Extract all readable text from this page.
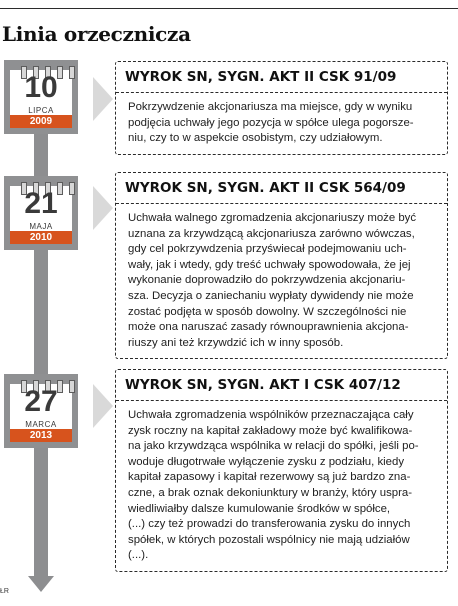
Linia orzecznicza
10
LIPCA
2009
WYROK SN, SYGN. AKT II CSK 91/09
Pokrzywdzenie akcjonariusza ma miejsce, gdy w wyniku
podjęcia uchwały jego pozycja w spółce ulega pogorsze-
niu, czy to w aspekcie osobistym, czy udziałowym.
21
MAJA
2010
WYROK SN, SYGN. AKT II CSK 564/09
Uchwała walnego zgromadzenia akcjonariuszy może być
uznana za krzywdzącą akcjonariusza zarówno wówczas,
gdy cel pokrzywdzenia przyświecał podejmowaniu uch-
wały, jak i wtedy, gdy treść uchwały spowodowała, że jej
wykonanie doprowadziło do pokrzywdzenia akcjonariu-
sza. Decyzja o zaniechaniu wypłaty dywidendy nie może
zostać podjęta w sposób dowolny. W szczególności nie
może ona naruszać zasady równouprawnienia akcjona-
riuszy ani też krzywdzić ich w inny sposób.
27
MARCA
2013
WYROK SN, SYGN. AKT I CSK 407/12
Uchwała zgromadzenia wspólników przeznaczająca cały
zysk roczny na kapitał zakładowy może być kwalifikowa-
na jako krzywdząca wspólnika w relacji do spółki, jeśli po-
woduje długotrwałe wyłączenie zysku z podziału, kiedy
kapitał zapasowy i kapitał rezerwowy są już bardzo zna-
czne, a brak oznak dekoniunktury w branży, który uspra-
wiedliwiałby dalsze kumulowanie środków w spółce,
(...) czy też prowadzi do transferowania zysku do innych
spółek, w których pozostali wspólnicy nie mają udziałów
(...).
ŁR
